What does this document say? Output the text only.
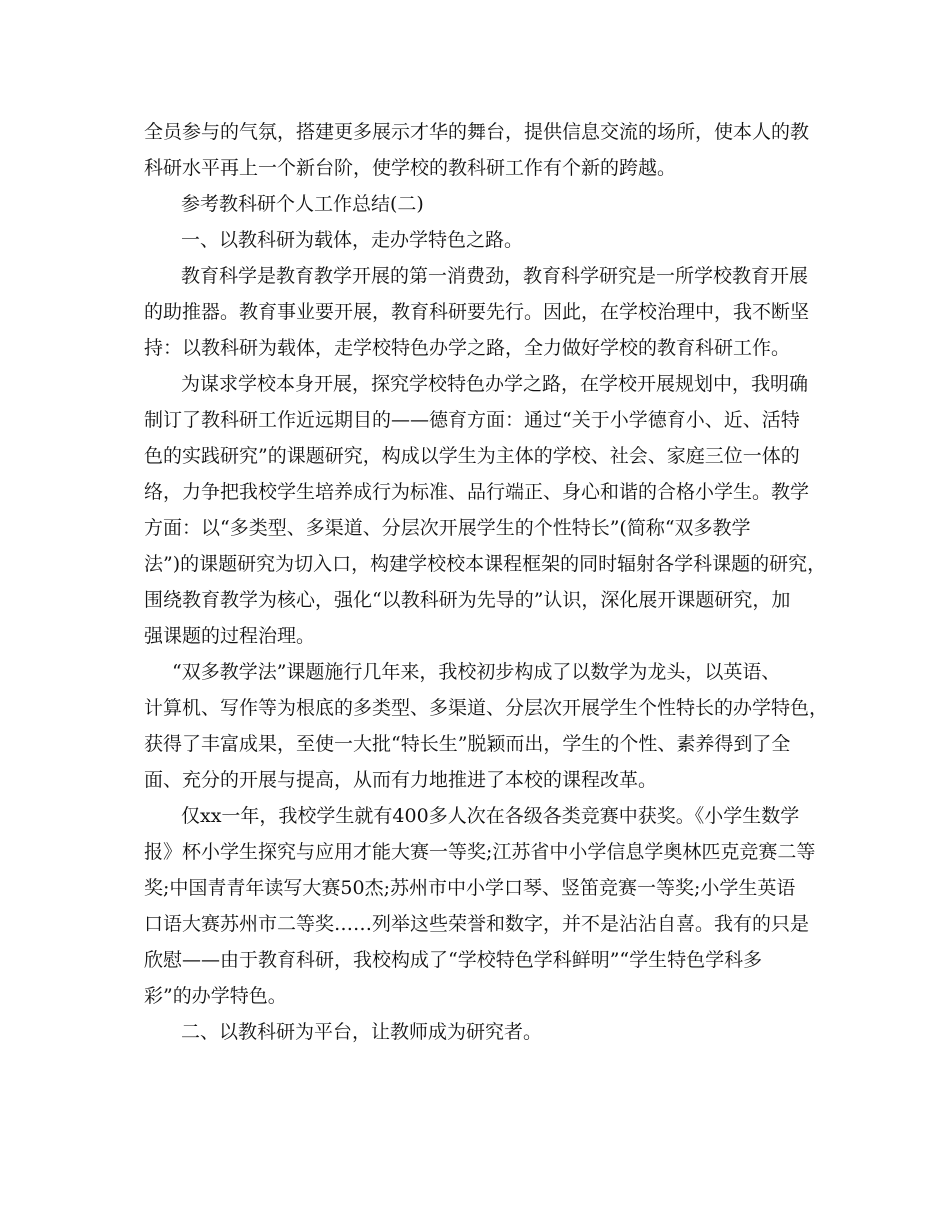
全员参与的气氛，搭建更多展示才华的舞台，提供信息交流的场所，使本人的教
科研水平再上一个新台阶，使学校的教科研工作有个新的跨越。
参考教科研个人工作总结(二)
一、以教科研为载体，走办学特色之路。
教育科学是教育教学开展的第一消费劲，教育科学研究是一所学校教育开展
的助推器。教育事业要开展，教育科研要先行。因此，在学校治理中，我不断坚
持：以教科研为载体，走学校特色办学之路，全力做好学校的教育科研工作。
为谋求学校本身开展，探究学校特色办学之路，在学校开展规划中，我明确
制订了教科研工作近远期目的——德育方面：通过“关于小学德育小、近、活特
色的实践研究”的课题研究，构成以学生为主体的学校、社会、家庭三位一体的
络，力争把我校学生培养成行为标准、品行端正、身心和谐的合格小学生。教学
方面：以“多类型、多渠道、分层次开展学生的个性特长”(简称“双多教学
法”)的课题研究为切入口，构建学校校本课程框架的同时辐射各学科课题的研究，
围绕教育教学为核心，强化“以教科研为先导的”认识，深化展开课题研究，加
强课题的过程治理。
“双多教学法”课题施行几年来，我校初步构成了以数学为龙头，以英语、
计算机、写作等为根底的多类型、多渠道、分层次开展学生个性特长的办学特色，
获得了丰富成果，至使一大批“特长生”脱颖而出，学生的个性、素养得到了全
面、充分的开展与提高，从而有力地推进了本校的课程改革。
仅xx一年，我校学生就有400多人次在各级各类竞赛中获奖。《小学生数学
报》杯小学生探究与应用才能大赛一等奖;江苏省中小学信息学奥林匹克竞赛二等
奖;中国青青年读写大赛50杰;苏州市中小学口琴、竖笛竞赛一等奖;小学生英语
口语大赛苏州市二等奖……列举这些荣誉和数字，并不是沾沾自喜。我有的只是
欣慰——由于教育科研，我校构成了“学校特色学科鲜明”“学生特色学科多
彩”的办学特色。
二、以教科研为平台，让教师成为研究者。
